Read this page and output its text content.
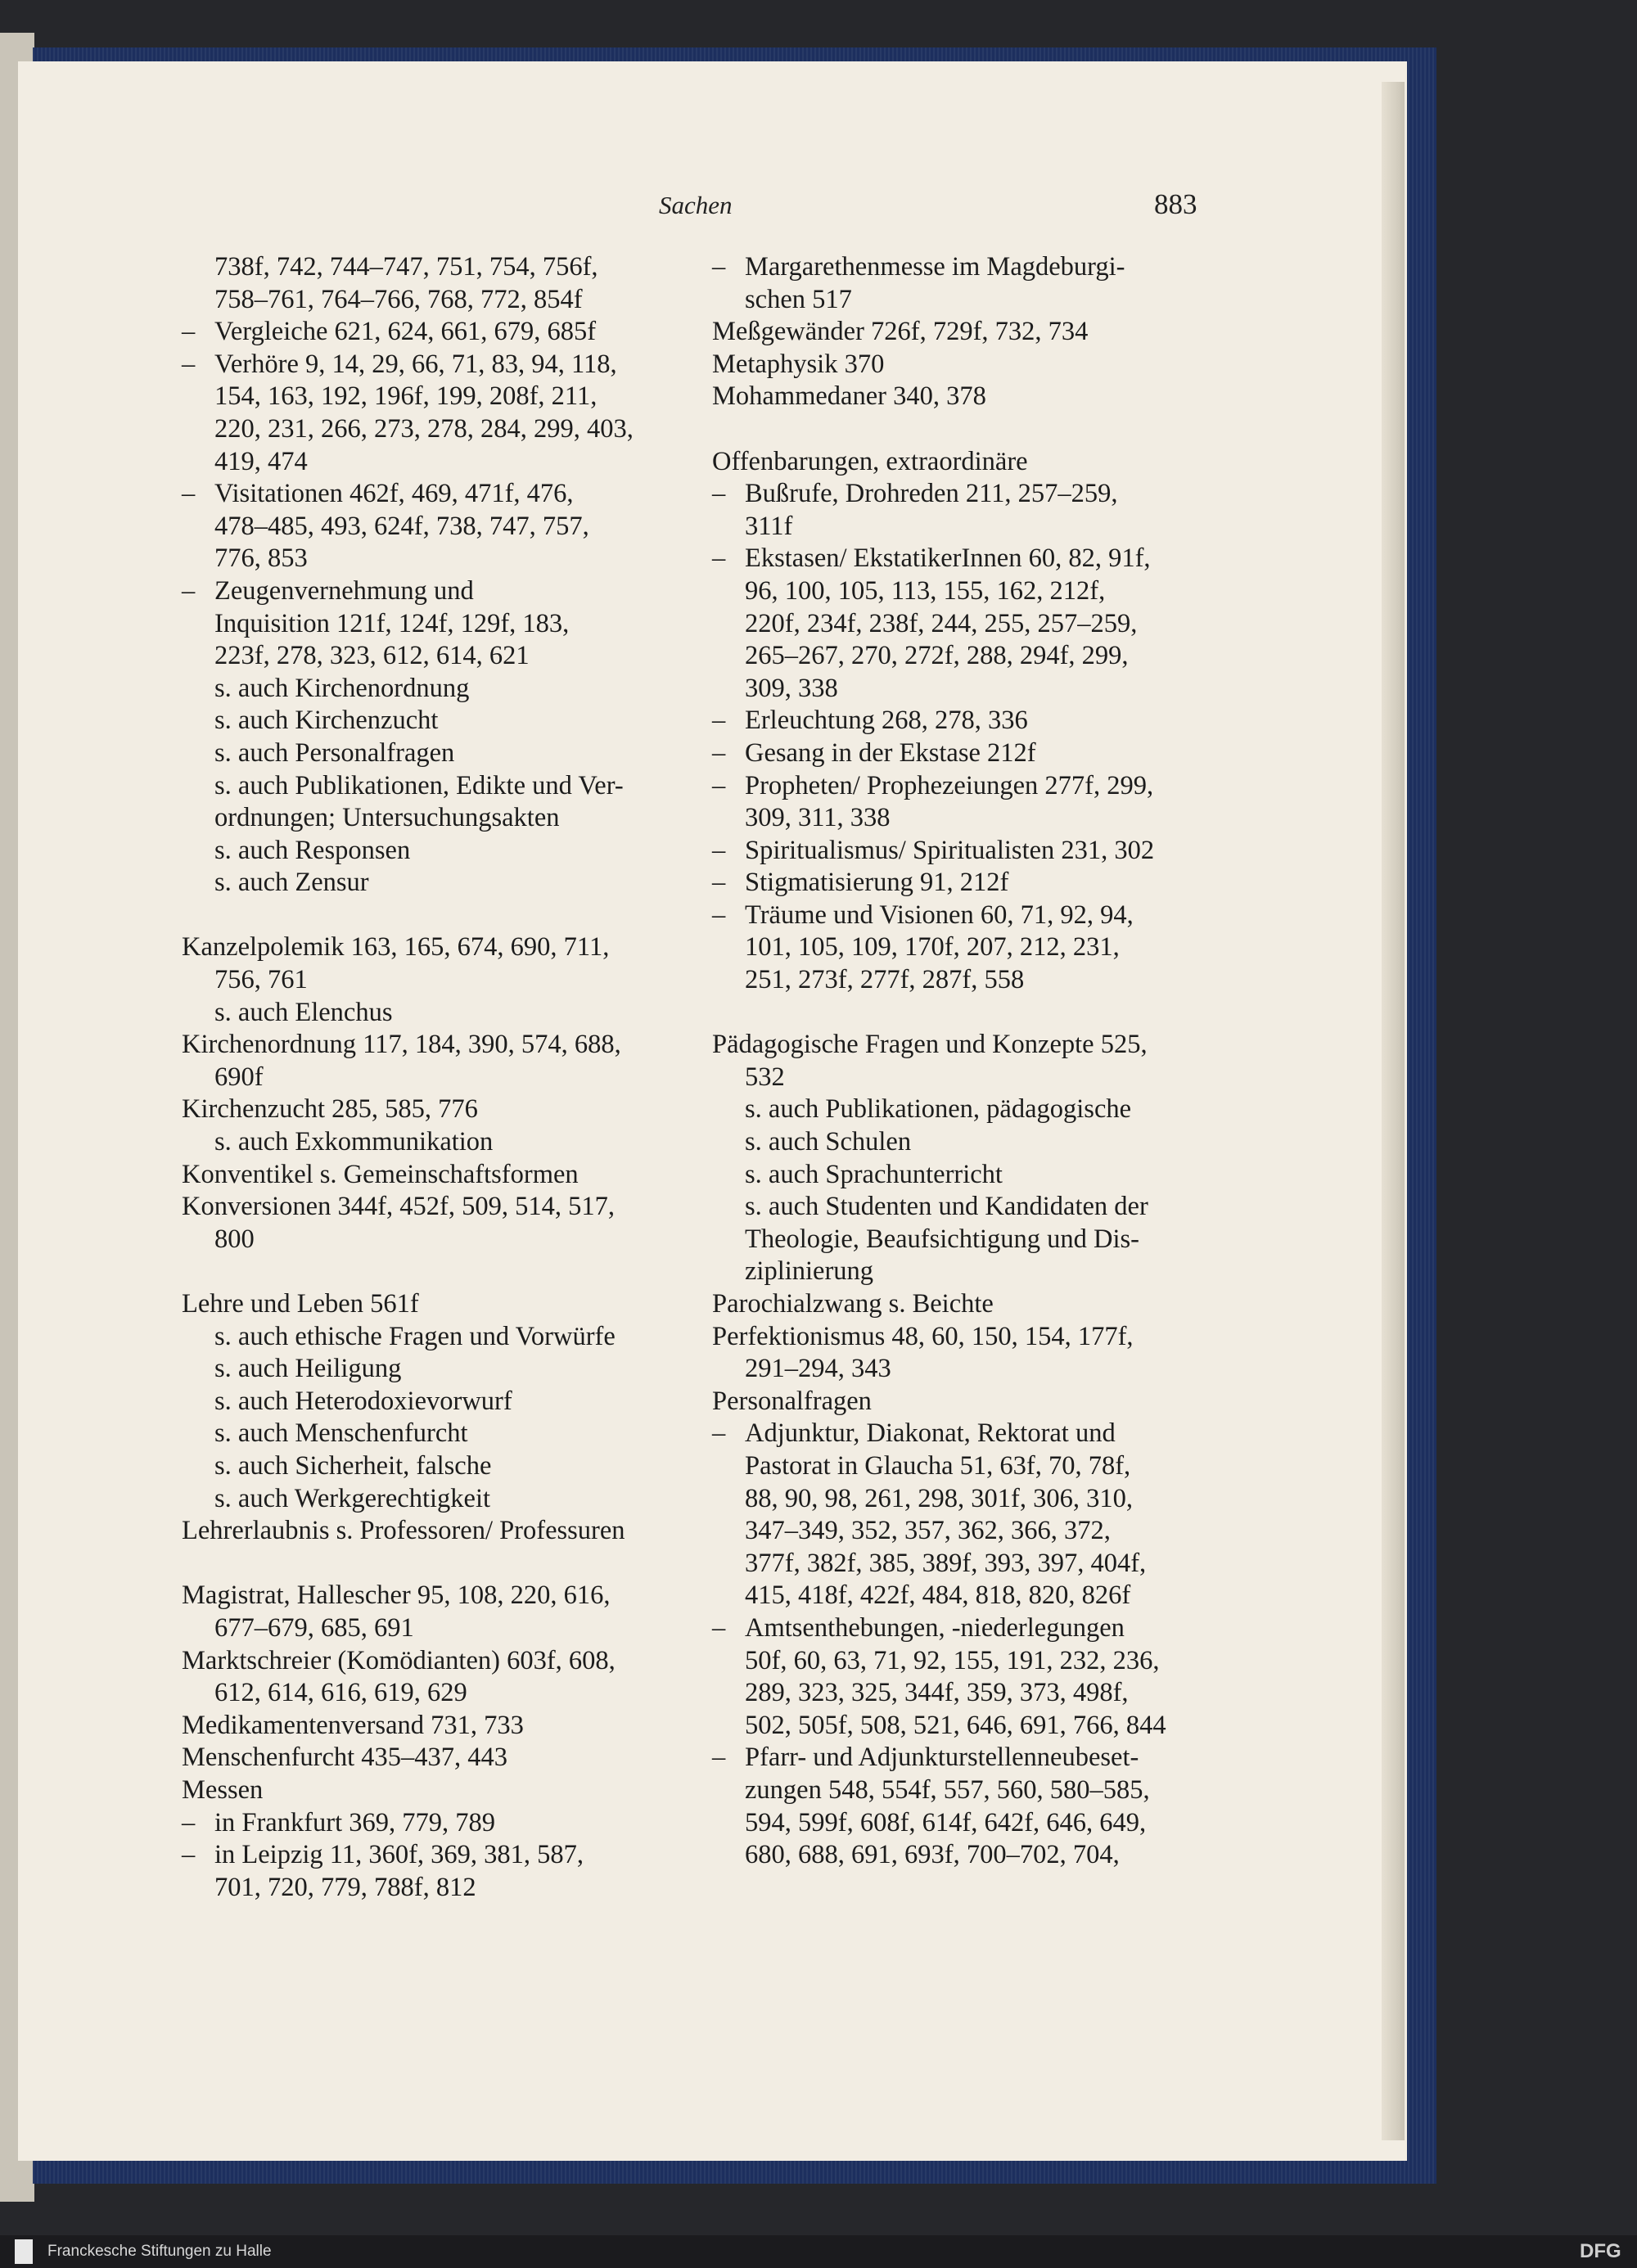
Sachen	883
738f, 742, 744–747, 751, 754, 756f,
758–761, 764–766, 768, 772, 854f
– Vergleiche 621, 624, 661, 679, 685f
– Verhöre 9, 14, 29, 66, 71, 83, 94, 118,
154, 163, 192, 196f, 199, 208f, 211,
220, 231, 266, 273, 278, 284, 299, 403,
419, 474
– Visitationen 462f, 469, 471f, 476,
478–485, 493, 624f, 738, 747, 757,
776, 853
– Zeugenvernehmung und
Inquisition 121f, 124f, 129f, 183,
223f, 278, 323, 612, 614, 621
s. auch Kirchenordnung
s. auch Kirchenzucht
s. auch Personalfragen
s. auch Publikationen, Edikte und Ver-
ordnungen; Untersuchungsakten
s. auch Responsen
s. auch Zensur
Kanzelpolemik 163, 165, 674, 690, 711,
756, 761
s. auch Elenchus
Kirchenordnung 117, 184, 390, 574, 688,
690f
Kirchenzucht 285, 585, 776
s. auch Exkommunikation
Konventikel s. Gemeinschaftsformen
Konversionen 344f, 452f, 509, 514, 517,
800
Lehre und Leben 561f
s. auch ethische Fragen und Vorwürfe
s. auch Heiligung
s. auch Heterodoxievorwurf
s. auch Menschenfurcht
s. auch Sicherheit, falsche
s. auch Werkgerechtigkeit
Lehrerlaubnis s. Professoren/ Professuren
Magistrat, Hallescher 95, 108, 220, 616,
677–679, 685, 691
Marktschreier (Komödianten) 603f, 608,
612, 614, 616, 619, 629
Medikamentenversand 731, 733
Menschenfurcht 435–437, 443
Messen
– in Frankfurt 369, 779, 789
– in Leipzig 11, 360f, 369, 381, 587,
701, 720, 779, 788f, 812
– Margarethenmesse im Magdeburgi-
schen 517
Meßgewänder 726f, 729f, 732, 734
Metaphysik 370
Mohammedaner 340, 378
Offenbarungen, extraordinäre
– Bußrufe, Drohreden 211, 257–259,
311f
– Ekstasen/ EkstatikerInnen 60, 82, 91f,
96, 100, 105, 113, 155, 162, 212f,
220f, 234f, 238f, 244, 255, 257–259,
265–267, 270, 272f, 288, 294f, 299,
309, 338
– Erleuchtung 268, 278, 336
– Gesang in der Ekstase 212f
– Propheten/ Prophezeiungen 277f, 299,
309, 311, 338
– Spiritualismus/ Spiritualisten 231, 302
– Stigmatisierung 91, 212f
– Träume und Visionen 60, 71, 92, 94,
101, 105, 109, 170f, 207, 212, 231,
251, 273f, 277f, 287f, 558
Pädagogische Fragen und Konzepte 525,
532
s. auch Publikationen, pädagogische
s. auch Schulen
s. auch Sprachunterricht
s. auch Studenten und Kandidaten der
Theologie, Beaufsichtigung und Dis-
ziplinierung
Parochialzwang s. Beichte
Perfektionismus 48, 60, 150, 154, 177f,
291–294, 343
Personalfragen
– Adjunktur, Diakonat, Rektorat und
Pastorat in Glaucha 51, 63f, 70, 78f,
88, 90, 98, 261, 298, 301f, 306, 310,
347–349, 352, 357, 362, 366, 372,
377f, 382f, 385, 389f, 393, 397, 404f,
415, 418f, 422f, 484, 818, 820, 826f
– Amtsenthebungen, -niederlegungen
50f, 60, 63, 71, 92, 155, 191, 232, 236,
289, 323, 325, 344f, 359, 373, 498f,
502, 505f, 508, 521, 646, 691, 766, 844
– Pfarr- und Adjunkturstellenneubeset-
zungen 548, 554f, 557, 560, 580–585,
594, 599f, 608f, 614f, 642f, 646, 649,
680, 688, 691, 693f, 700–702, 704,
Franckesche Stiftungen zu Halle	DFG
